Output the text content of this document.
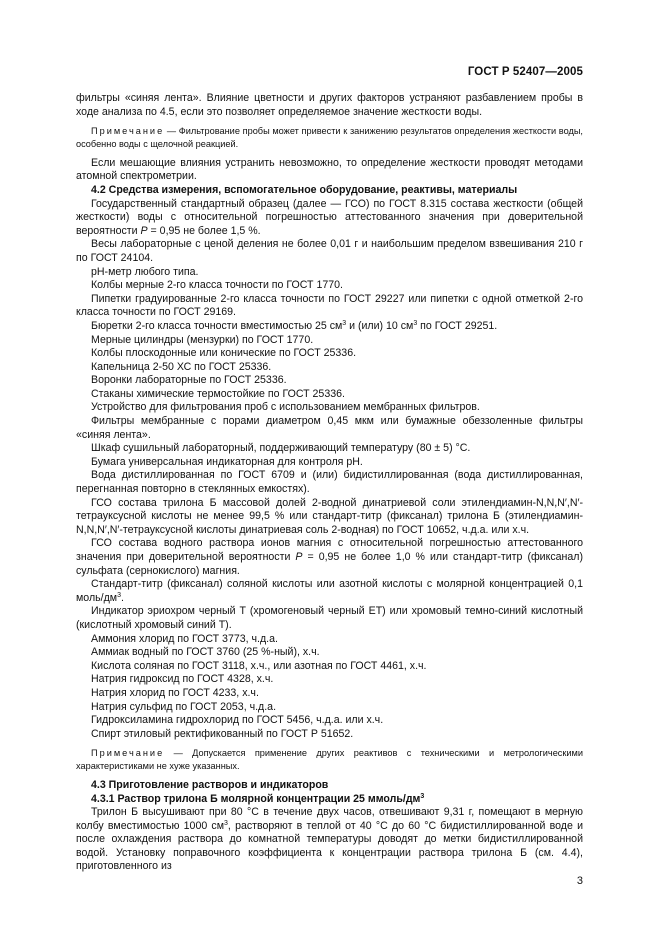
ГОСТ Р 52407—2005

фильтры «синяя лента». Влияние цветности и других факторов устраняют разбавлением пробы в ходе анализа по 4.5, если это позволяет определяемое значение жесткости воды.

Примечание — Фильтрование пробы может привести к занижению результатов определения жесткости воды, особенно воды с щелочной реакцией.

Если мешающие влияния устранить невозможно, то определение жесткости проводят методами атомной спектрометрии.

4.2 Средства измерения, вспомогательное оборудование, реактивы, материалы

Государственный стандартный образец (далее — ГСО) по ГОСТ 8.315 состава жесткости (общей жесткости) воды с относительной погрешностью аттестованного значения при доверительной вероятности P = 0,95 не более 1,5 %.

Весы лабораторные с ценой деления не более 0,01 г и наибольшим пределом взвешивания 210 г по ГОСТ 24104.

pH-метр любого типа.

Колбы мерные 2-го класса точности по ГОСТ 1770.

Пипетки градуированные 2-го класса точности по ГОСТ 29227 или пипетки с одной отметкой 2-го класса точности по ГОСТ 29169.

Бюретки 2-го класса точности вместимостью 25 $см^3$ и (или) 10 $см^3$ по ГОСТ 29251.

Мерные цилиндры (мензурки) по ГОСТ 1770.

Колбы плоскодонные или конические по ГОСТ 25336.

Капельница 2-50 ХС по ГОСТ 25336.

Воронки лабораторные по ГОСТ 25336.

Стаканы химические термостойкие по ГОСТ 25336.

Устройство для фильтрования проб с использованием мембранных фильтров.

Фильтры мембранные с порами диаметром 0,45 мкм или бумажные обеззоленные фильтры «синяя лента».

Шкаф сушильный лабораторный, поддерживающий температуру (80 ± 5) °С.

Бумага универсальная индикаторная для контроля pH.

Вода дистиллированная по ГОСТ 6709 и (или) бидистиллированная (вода дистиллированная, перегнанная повторно в стеклянных емкостях).

ГСО состава трилона Б массовой долей 2-водной динатриевой соли этилендиамин-N,N,N′,N′-тетрауксусной кислоты не менее 99,5 % или стандарт-титр (фиксанал) трилона Б (этилендиамин-N,N,N′,N′-тетрауксусной кислоты динатриевая соль 2-водная) по ГОСТ 10652, ч.д.а. или х.ч.

ГСО состава водного раствора ионов магния с относительной погрешностью аттестованного значения при доверительной вероятности P = 0,95 не более 1,0 % или стандарт-титр (фиксанал) сульфата (сернокислого) магния.

Стандарт-титр (фиксанал) соляной кислоты или азотной кислоты с молярной концентрацией 0,1 моль/$дм^3$.

Индикатор эриохром черный Т (хромогеновый черный ЕТ) или хромовый темно-синий кислотный (кислотный хромовый синий Т).

Аммония хлорид по ГОСТ 3773, ч.д.а.

Аммиак водный по ГОСТ 3760 (25 %-ный), х.ч.

Кислота соляная по ГОСТ 3118, х.ч., или азотная по ГОСТ 4461, х.ч.

Натрия гидроксид по ГОСТ 4328, х.ч.

Натрия хлорид по ГОСТ 4233, х.ч.

Натрия сульфид по ГОСТ 2053, ч.д.а.

Гидроксиламина гидрохлорид по ГОСТ 5456, ч.д.а. или х.ч.

Спирт этиловый ректификованный по ГОСТ Р 51652.

Примечание — Допускается применение других реактивов с техническими и метрологическими характеристиками не хуже указанных.

4.3 Приготовление растворов и индикаторов

4.3.1 Раствор трилона Б молярной концентрации 25 ммоль/$дм^3$

Трилон Б высушивают при 80 °С в течение двух часов, отвешивают 9,31 г, помещают в мерную колбу вместимостью 1000 $см^3$, растворяют в теплой от 40 °С до 60 °С бидистиллированной воде и после охлаждения раствора до комнатной температуры доводят до метки бидистиллированной водой. Установку поправочного коэффициента к концентрации раствора трилона Б (см. 4.4), приготовленного из

3
